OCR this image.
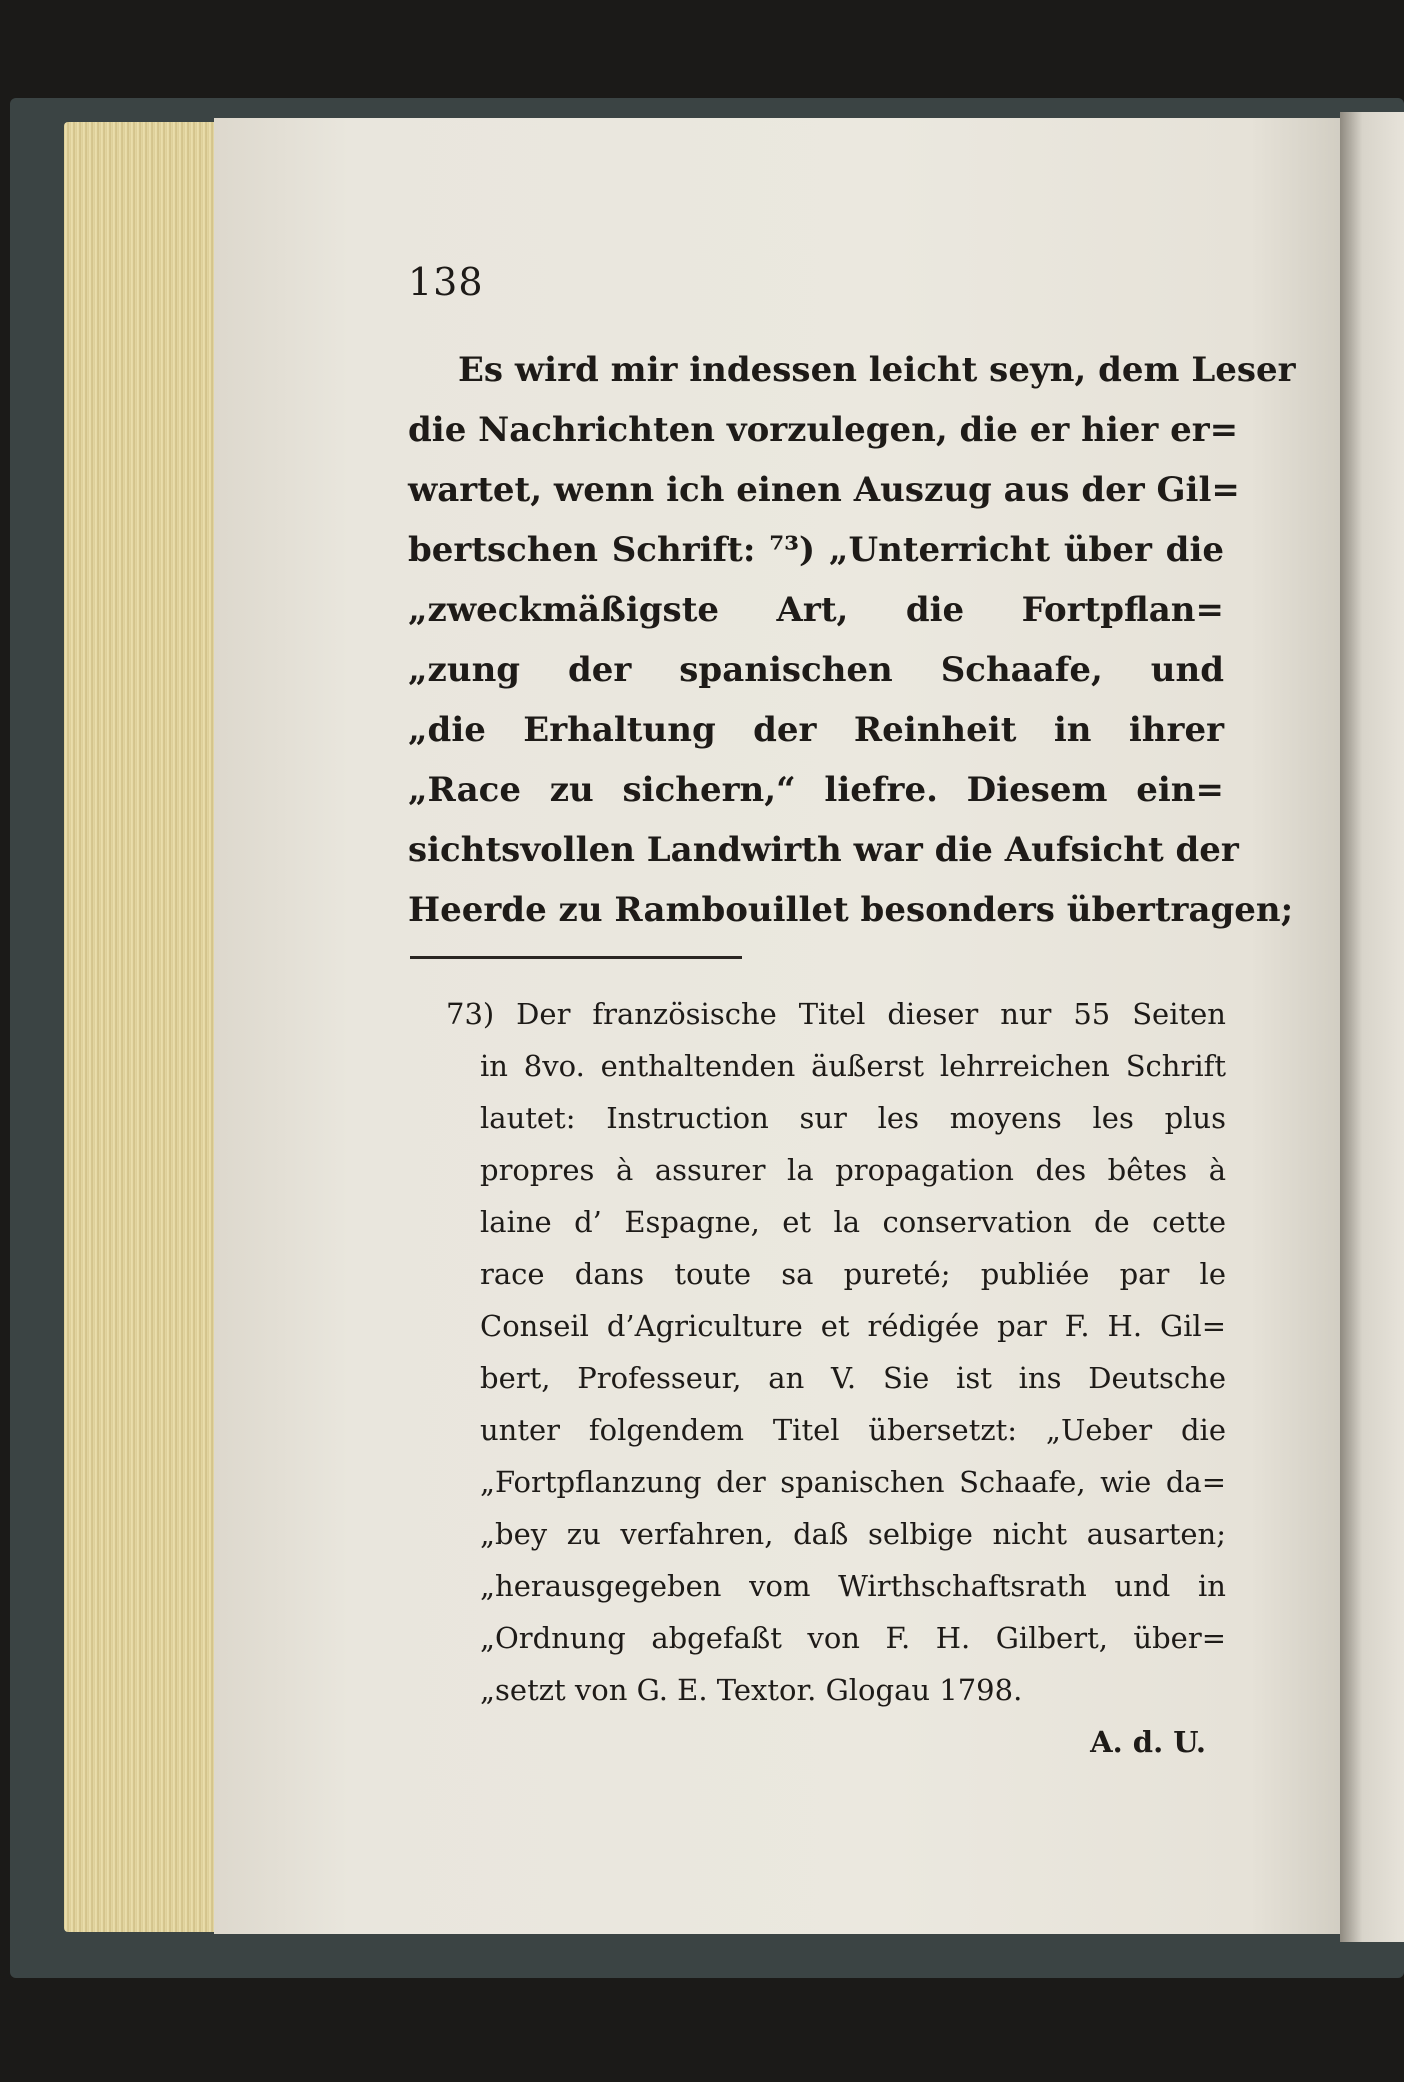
138
Es wird mir indessen leicht seyn, dem Leser
die Nachrichten vorzulegen, die er hier er=
wartet, wenn ich einen Auszug aus der Gil=
bertschen Schrift: ⁷³) „Unterricht über die
„zweckmäßigste Art, die Fortpflan=
„zung der spanischen Schaafe, und
„die Erhaltung der Reinheit in ihrer
„Race zu sichern,“ liefre. Diesem ein=
sichtsvollen Landwirth war die Aufsicht der
Heerde zu Rambouillet besonders übertragen;
73) Der französische Titel dieser nur 55 Seiten
in 8vo. enthaltenden äußerst lehrreichen Schrift
lautet: Instruction sur les moyens les plus
propres à assurer la propagation des bêtes à
laine d’ Espagne, et la conservation de cette
race dans toute sa pureté; publiée par le
Conseil d’Agriculture et rédigée par F. H. Gil=
bert, Professeur, an V. Sie ist ins Deutsche
unter folgendem Titel übersetzt: „Ueber die
„Fortpflanzung der spanischen Schaafe, wie da=
„bey zu verfahren, daß selbige nicht ausarten;
„herausgegeben vom Wirthschaftsrath und in
„Ordnung abgefaßt von F. H. Gilbert, über=
„setzt von G. E. Textor. Glogau 1798.
A. d. U.
